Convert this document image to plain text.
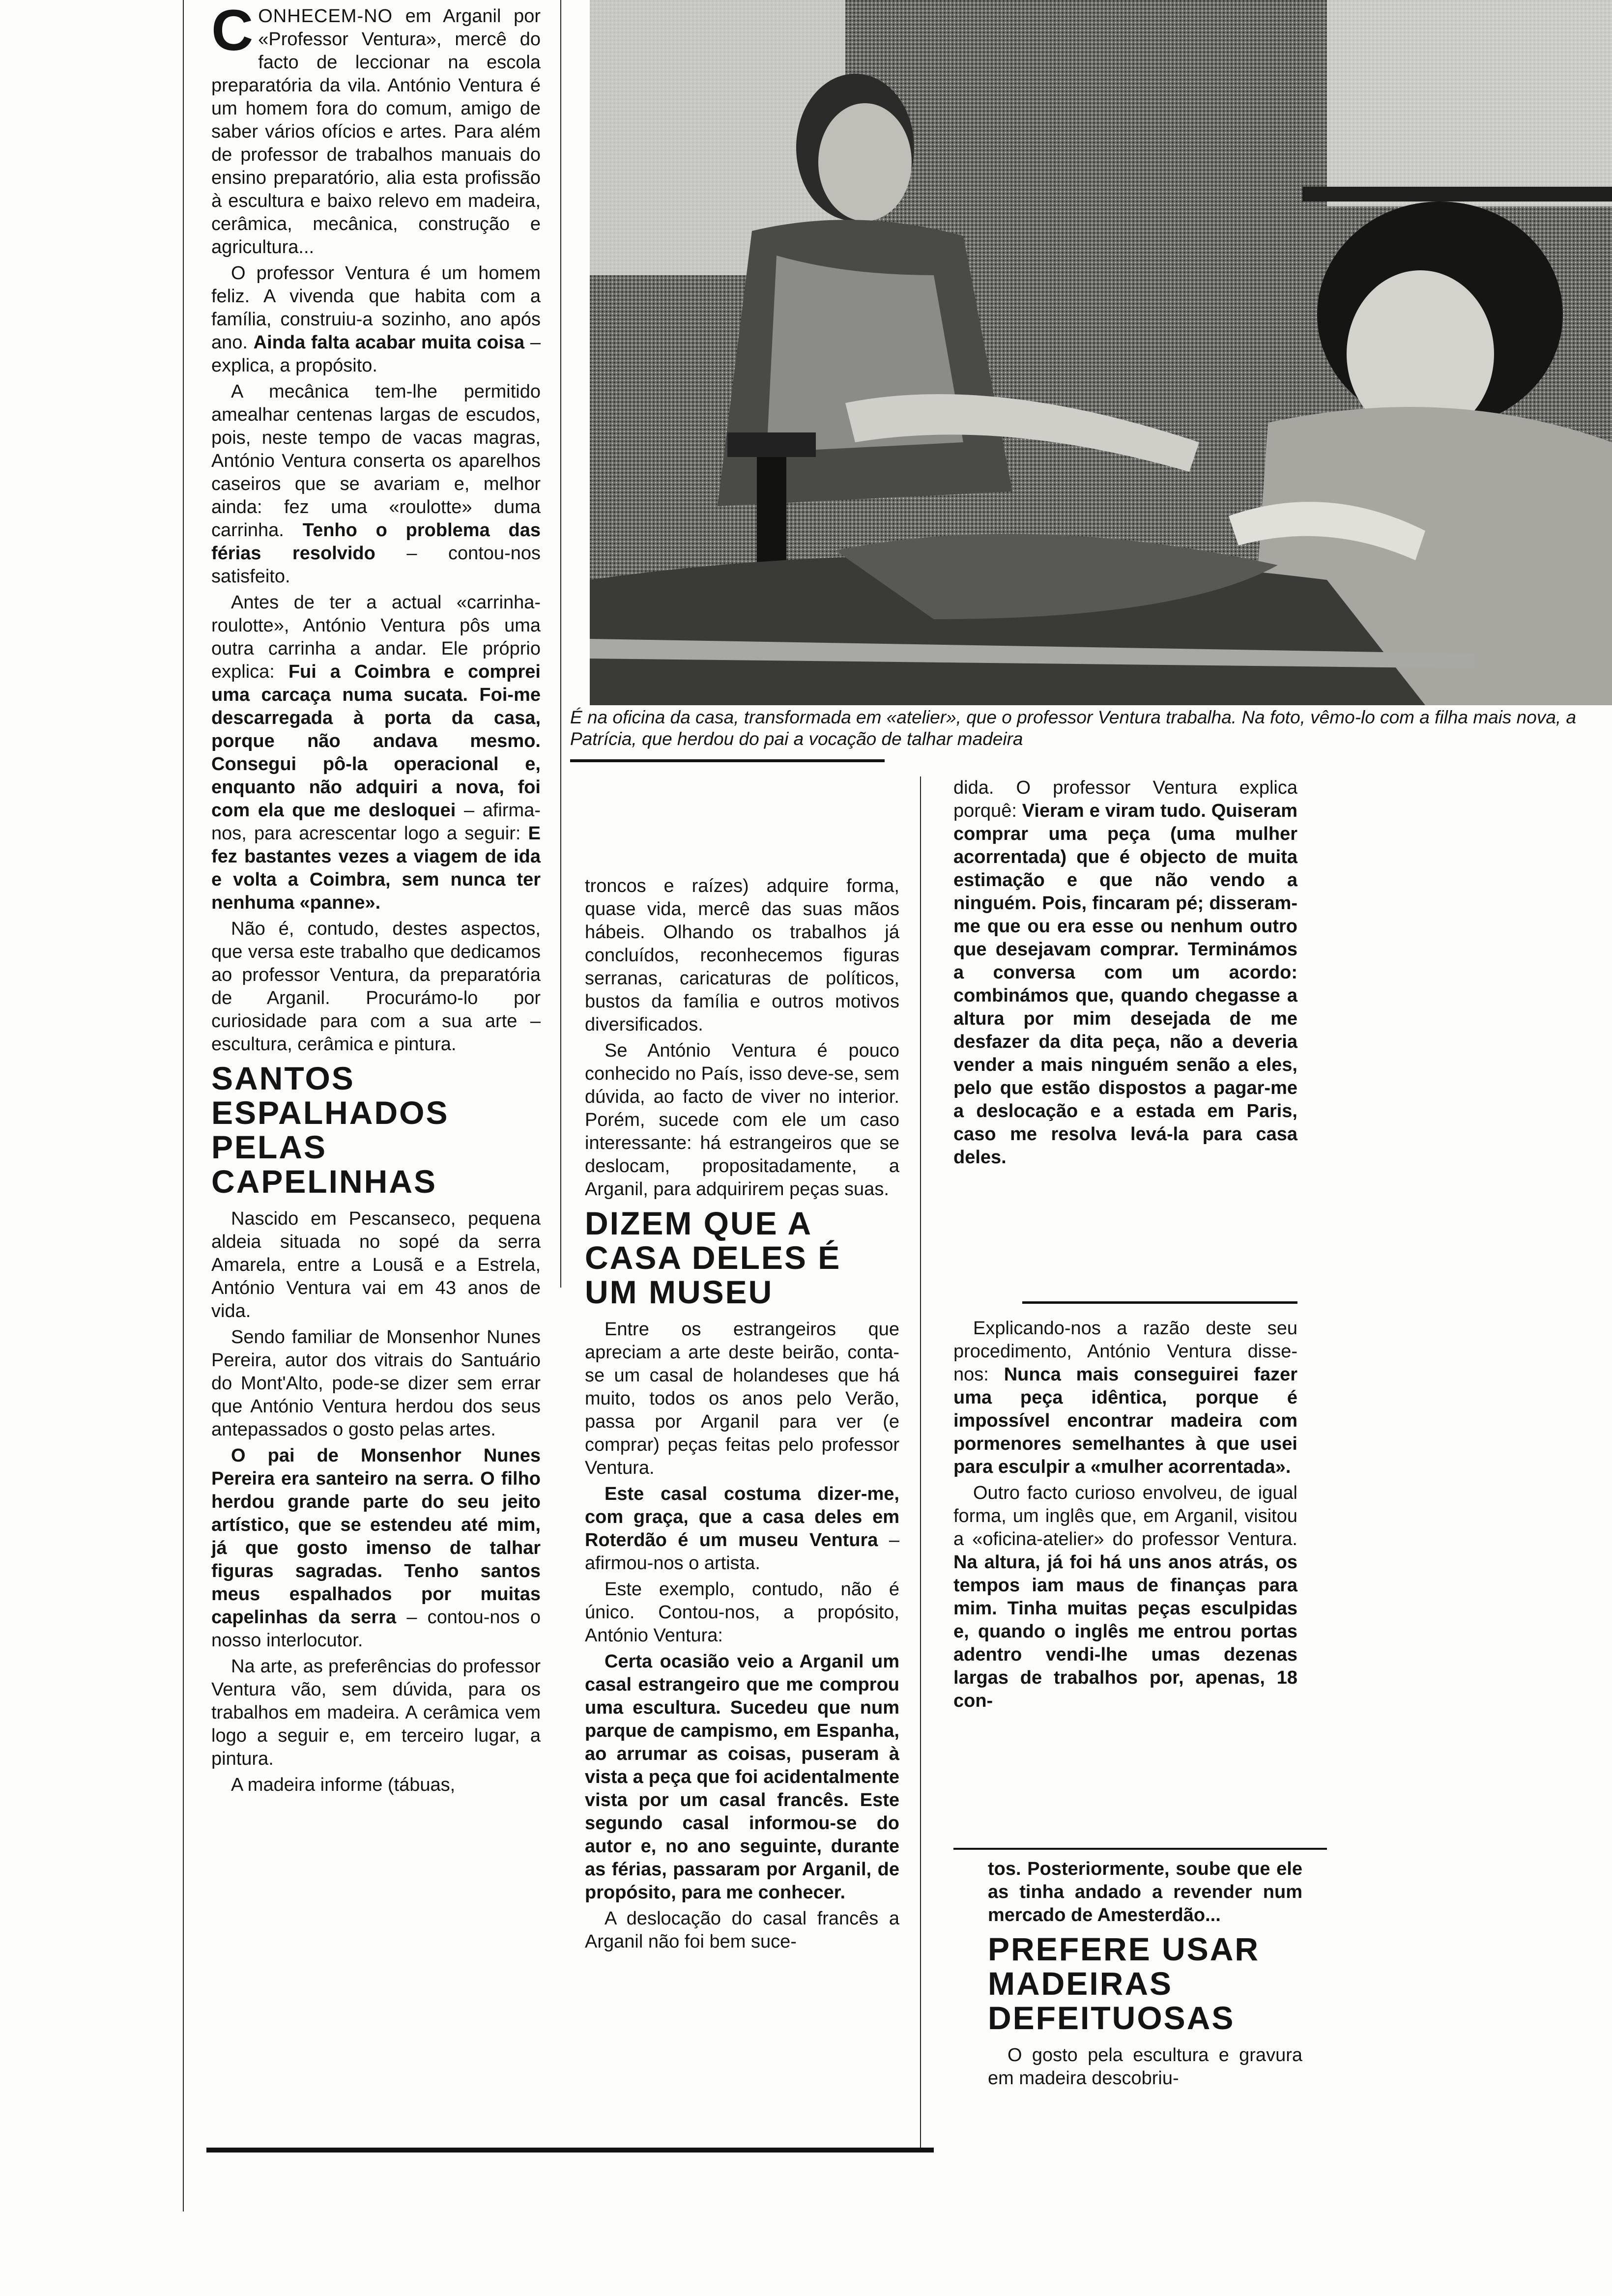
É na oficina da casa, transformada em «atelier», que o professor Ventura trabalha. Na foto, vêmo-lo com a filha mais nova, a Patrícia, que herdou do pai a vocação de talhar madeira

CONHECEM-NO em Arganil por «Professor Ventura», mercê do facto de leccionar na escola preparatória da vila. António Ventura é um homem fora do comum, amigo de saber vários ofícios e artes. Para além de professor de trabalhos manuais do ensino preparatório, alia esta profissão à escultura e baixo relevo em madeira, cerâmica, mecânica, construção e agricultura...

O professor Ventura é um homem feliz. A vivenda que habita com a família, construiu-a sozinho, ano após ano. Ainda falta acabar muita coisa – explica, a propósito.

A mecânica tem-lhe permitido amealhar centenas largas de escudos, pois, neste tempo de vacas magras, António Ventura conserta os aparelhos caseiros que se avariam e, melhor ainda: fez uma «roulotte» duma carrinha. Tenho o problema das férias resolvido – contou-nos satisfeito.

Antes de ter a actual «carrinha-roulotte», António Ventura pôs uma outra carrinha a andar. Ele próprio explica: Fui a Coimbra e comprei uma carcaça numa sucata. Foi-me descarregada à porta da casa, porque não andava mesmo. Consegui pô-la operacional e, enquanto não adquiri a nova, foi com ela que me desloquei – afirma-nos, para acrescentar logo a seguir: E fez bastantes vezes a viagem de ida e volta a Coimbra, sem nunca ter nenhuma «panne».

Não é, contudo, destes aspectos, que versa este trabalho que dedicamos ao professor Ventura, da preparatória de Arganil. Procurámo-lo por curiosidade para com a sua arte – escultura, cerâmica e pintura.

SANTOS ESPALHADOS PELAS CAPELINHAS

Nascido em Pescanseco, pequena aldeia situada no sopé da serra Amarela, entre a Lousã e a Estrela, António Ventura vai em 43 anos de vida.

Sendo familiar de Monsenhor Nunes Pereira, autor dos vitrais do Santuário do Mont'Alto, pode-se dizer sem errar que António Ventura herdou dos seus antepassados o gosto pelas artes.

O pai de Monsenhor Nunes Pereira era santeiro na serra. O filho herdou grande parte do seu jeito artístico, que se estendeu até mim, já que gosto imenso de talhar figuras sagradas. Tenho santos meus espalhados por muitas capelinhas da serra – contou-nos o nosso interlocutor.

Na arte, as preferências do professor Ventura vão, sem dúvida, para os trabalhos em madeira. A cerâmica vem logo a seguir e, em terceiro lugar, a pintura.

A madeira informe (tábuas,

troncos e raízes) adquire forma, quase vida, mercê das suas mãos hábeis. Olhando os trabalhos já concluídos, reconhecemos figuras serranas, caricaturas de políticos, bustos da família e outros motivos diversificados.

Se António Ventura é pouco conhecido no País, isso deve-se, sem dúvida, ao facto de viver no interior. Porém, sucede com ele um caso interessante: há estrangeiros que se deslocam, propositadamente, a Arganil, para adquirirem peças suas.

DIZEM QUE A CASA DELES É UM MUSEU

Entre os estrangeiros que apreciam a arte deste beirão, conta-se um casal de holandeses que há muito, todos os anos pelo Verão, passa por Arganil para ver (e comprar) peças feitas pelo professor Ventura.

Este casal costuma dizer-me, com graça, que a casa deles em Roterdão é um museu Ventura – afirmou-nos o artista.

Este exemplo, contudo, não é único. Contou-nos, a propósito, António Ventura:

Certa ocasião veio a Arganil um casal estrangeiro que me comprou uma escultura. Sucedeu que num parque de campismo, em Espanha, ao arrumar as coisas, puseram à vista a peça que foi acidentalmente vista por um casal francês. Este segundo casal informou-se do autor e, no ano seguinte, durante as férias, passaram por Arganil, de propósito, para me conhecer.

A deslocação do casal francês a Arganil não foi bem suce-

dida. O professor Ventura explica porquê: Vieram e viram tudo. Quiseram comprar uma peça (uma mulher acorrentada) que é objecto de muita estimação e que não vendo a ninguém. Pois, fincaram pé; disseram-me que ou era esse ou nenhum outro que desejavam comprar. Terminámos a conversa com um acordo: combinámos que, quando chegasse a altura por mim desejada de me desfazer da dita peça, não a deveria vender a mais ninguém senão a eles, pelo que estão dispostos a pagar-me a deslocação e a estada em Paris, caso me resolva levá-la para casa deles.

Explicando-nos a razão deste seu procedimento, António Ventura disse-nos: Nunca mais conseguirei fazer uma peça idêntica, porque é impossível encontrar madeira com pormenores semelhantes à que usei para esculpir a «mulher acorrentada».

Outro facto curioso envolveu, de igual forma, um inglês que, em Arganil, visitou a «oficina-atelier» do professor Ventura. Na altura, já foi há uns anos atrás, os tempos iam maus de finanças para mim. Tinha muitas peças esculpidas e, quando o inglês me entrou portas adentro vendi-lhe umas dezenas largas de trabalhos por, apenas, 18 con-

tos. Posteriormente, soube que ele as tinha andado a revender num mercado de Amesterdão...

PREFERE USAR MADEIRAS DEFEITUOSAS

O gosto pela escultura e gravura em madeira descobriu-
